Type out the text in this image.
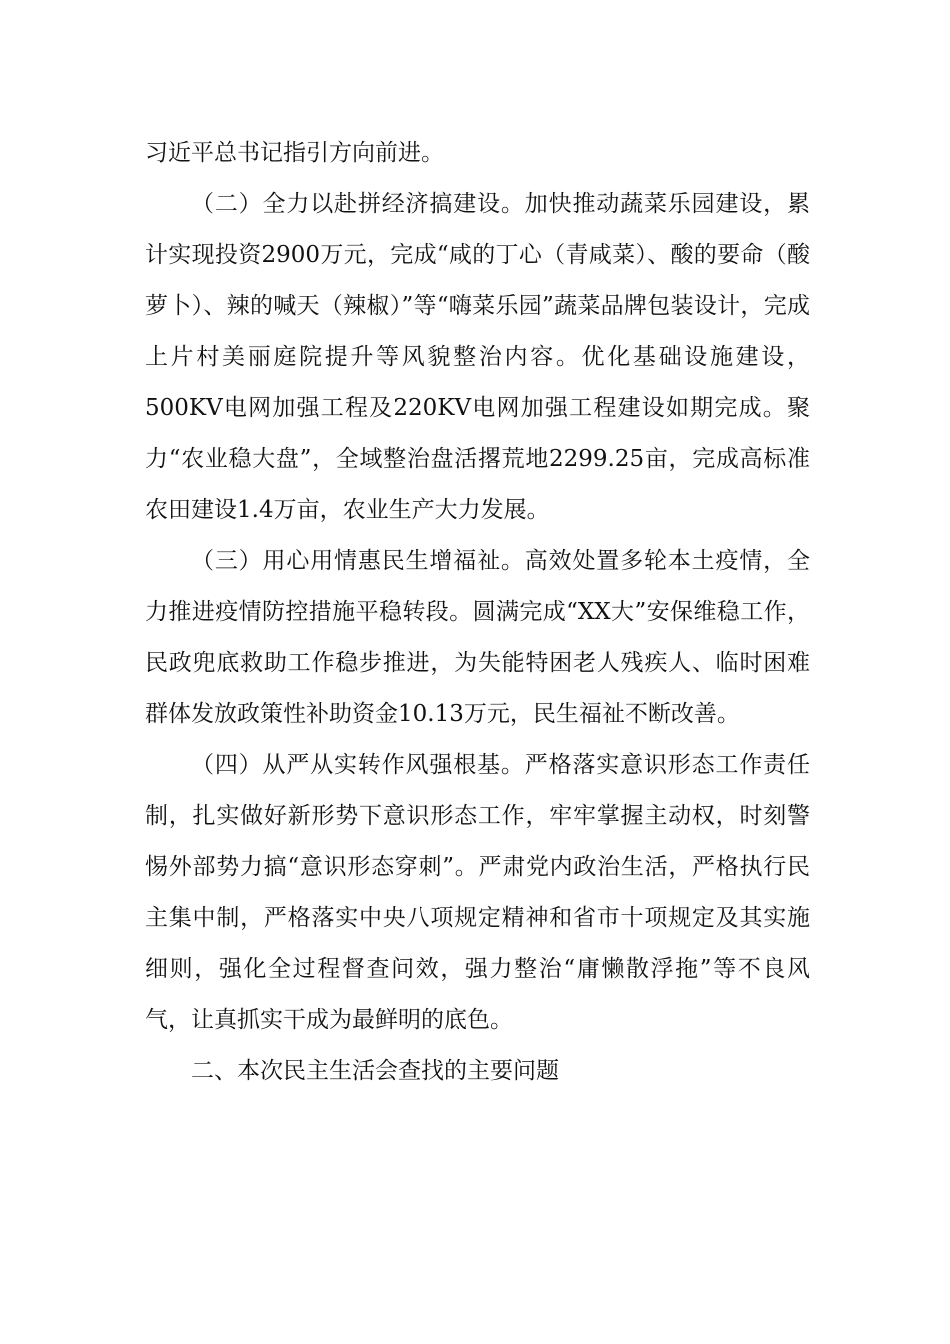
习近平总书记指引方向前进。

（二）全力以赴拼经济搞建设。加快推动蔬菜乐园建设，累计实现投资2900万元，完成“咸的丁心（青咸菜）、酸的要命（酸萝卜）、辣的喊天（辣椒）”等“嗨菜乐园”蔬菜品牌包装设计，完成上片村美丽庭院提升等风貌整治内容。优化基础设施建设，500KV电网加强工程及220KV电网加强工程建设如期完成。聚力“农业稳大盘”，全域整治盘活撂荒地2299.25亩，完成高标准农田建设1.4万亩，农业生产大力发展。

（三）用心用情惠民生增福祉。高效处置多轮本土疫情，全力推进疫情防控措施平稳转段。圆满完成“XX大”安保维稳工作，民政兜底救助工作稳步推进，为失能特困老人残疾人、临时困难群体发放政策性补助资金10.13万元，民生福祉不断改善。

（四）从严从实转作风强根基。严格落实意识形态工作责任制，扎实做好新形势下意识形态工作，牢牢掌握主动权，时刻警惕外部势力搞“意识形态穿刺”。严肃党内政治生活，严格执行民主集中制，严格落实中央八项规定精神和省市十项规定及其实施细则，强化全过程督查问效，强力整治“庸懒散浮拖”等不良风气，让真抓实干成为最鲜明的底色。

二、本次民主生活会查找的主要问题
